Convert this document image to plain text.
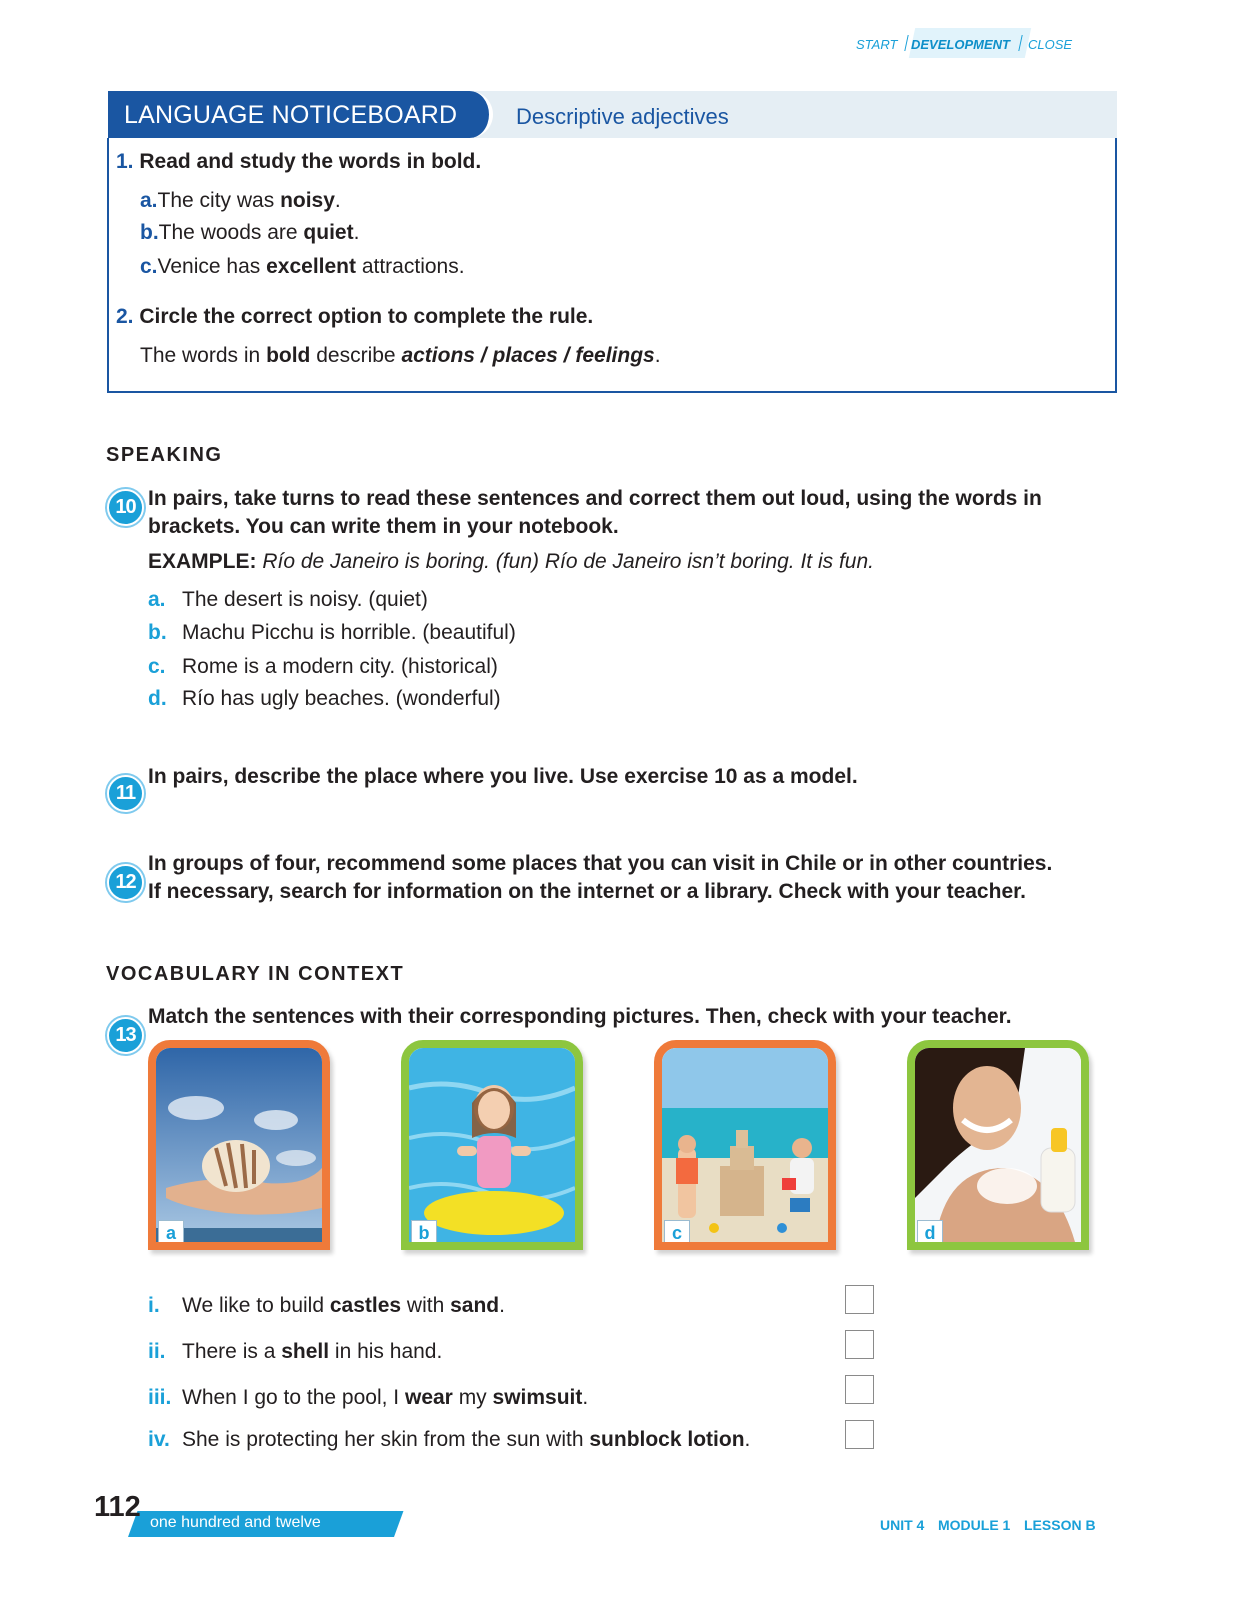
START DEVELOPMENT CLOSE
LANGUAGE NOTICEBOARD	Descriptive adjectives
1. Read and study the words in bold.
a.The city was noisy.
b.The woods are quiet.
c.Venice has excellent attractions.
2. Circle the correct option to complete the rule.
The words in bold describe actions / places / feelings.
SPEAKING
10 In pairs, take turns to read these sentences and correct them out loud, using the words in
brackets. You can write them in your notebook.
EXAMPLE: Río de Janeiro is boring. (fun) Río de Janeiro isn’t boring. It is fun.
a. The desert is noisy. (quiet)
b. Machu Picchu is horrible. (beautiful)
c. Rome is a modern city. (historical)
d. Río has ugly beaches. (wonderful)
11
In pairs, describe the place where you live. Use exercise 10 as a model.
12
In groups of four, recommend some places that you can visit in Chile or in other countries.
If necessary, search for information on the internet or a library. Check with your teacher.
VOCABULARY IN CONTEXT
13
Match the sentences with their corresponding pictures. Then, check with your teacher.
a	b	c	d
i. We like to build castles with sand.
ii. There is a shell in his hand.
iii. When I go to the pool, I wear my swimsuit.
iv. She is protecting her skin from the sun with sunblock lotion.
112 one hundred and twelve	UNIT 4 MODULE 1 LESSON B
